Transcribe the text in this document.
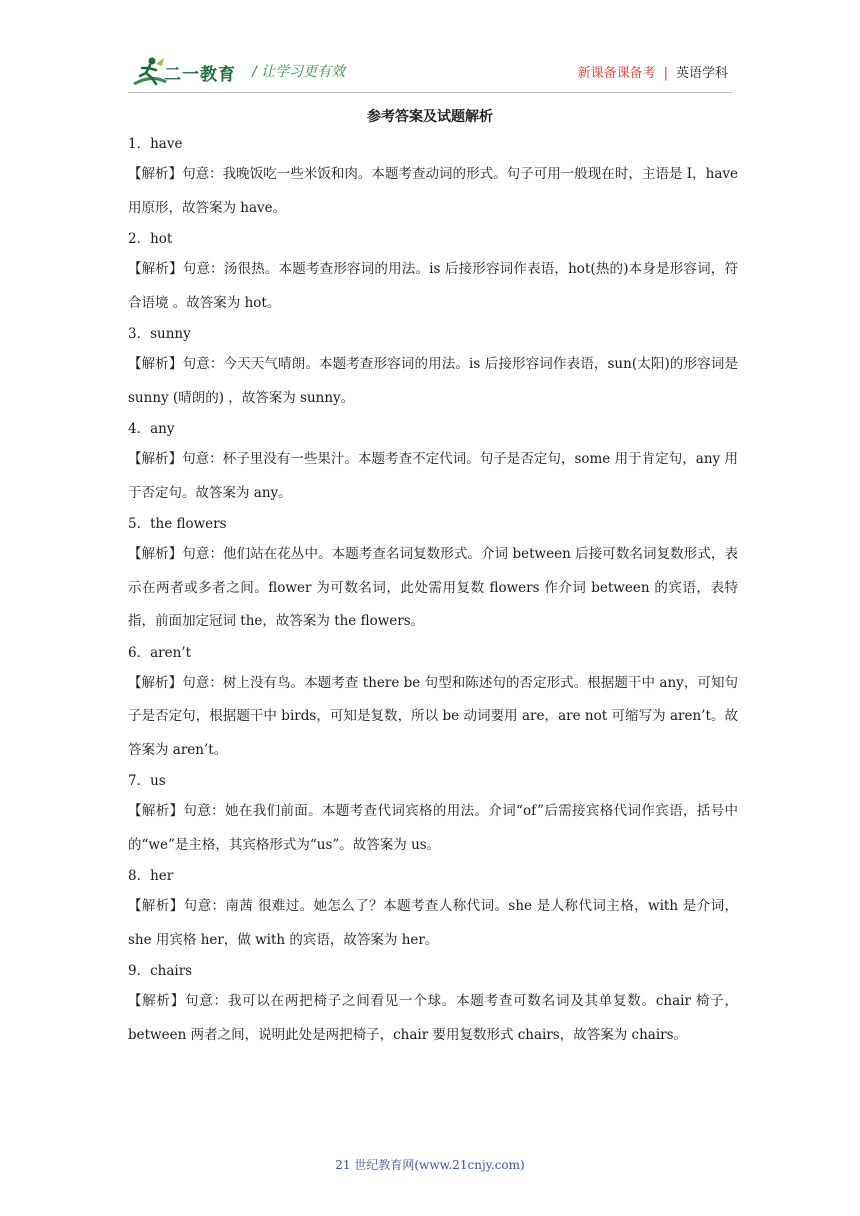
二一教育 / 让学习更有效	新课备课备考 | 英语学科
参考答案及试题解析
1．have
【解析】句意：我晚饭吃一些米饭和肉。本题考查动词的形式。句子可用一般现在时，主语是 I，have 用原形，故答案为 have。
2．hot
【解析】句意：汤很热。本题考查形容词的用法。is 后接形容词作表语，hot(热的)本身是形容词，符合语境 。故答案为 hot。
3．sunny
【解析】句意：今天天气晴朗。本题考查形容词的用法。is 后接形容词作表语，sun(太阳)的形容词是 sunny (晴朗的) ，故答案为 sunny。
4．any
【解析】句意：杯子里没有一些果汁。本题考查不定代词。句子是否定句，some 用于肯定句，any 用于否定句。故答案为 any。
5．the flowers
【解析】句意：他们站在花丛中。本题考查名词复数形式。介词 between 后接可数名词复数形式，表示在两者或多者之间。flower 为可数名词，此处需用复数 flowers 作介词 between 的宾语，表特指，前面加定冠词 the，故答案为 the flowers。
6．aren’t
【解析】句意：树上没有鸟。本题考查 there be 句型和陈述句的否定形式。根据题干中 any，可知句子是否定句，根据题干中 birds，可知是复数，所以 be 动词要用 are，are not 可缩写为 aren’t。故答案为 aren’t。
7．us
【解析】句意：她在我们前面。本题考查代词宾格的用法。介词“of”后需接宾格代词作宾语，括号中的“we”是主格，其宾格形式为“us”。故答案为 us。
8．her
【解析】句意：南茜 很难过。她怎么了？本题考查人称代词。she 是人称代词主格，with 是介词，she 用宾格 her，做 with 的宾语，故答案为 her。
9．chairs
【解析】句意：我可以在两把椅子之间看见一个球。本题考查可数名词及其单复数。chair 椅子，between 两者之间，说明此处是两把椅子，chair 要用复数形式 chairs，故答案为 chairs。
21 世纪教育网(www.21cnjy.com)
